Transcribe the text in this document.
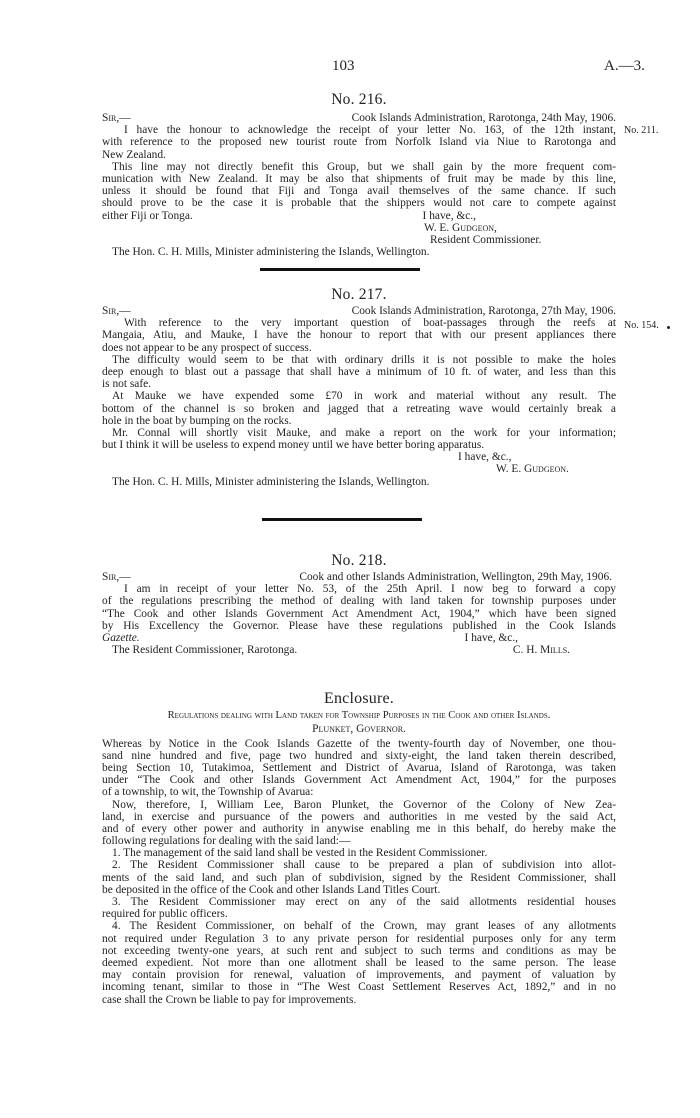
103	A.—3.
No. 216.
Sir,—	Cook Islands Administration, Rarotonga, 24th May, 1906.
I have the honour to acknowledge the receipt of your letter No. 163, of the 12th instant,
with reference to the proposed new tourist route from Norfolk Island via Niue to Rarotonga and
New Zealand.
This line may not directly benefit this Group, but we shall gain by the more frequent com-
munication with New Zealand. It may be also that shipments of fruit may be made by this line,
unless it should be found that Fiji and Tonga avail themselves of the same chance. If such
should prove to be the case it is probable that the shippers would not care to compete against
either Fiji or Tonga.	I have, &c.,
W. E. Gudgeon,
Resident Commissioner.
The Hon. C. H. Mills, Minister administering the Islands, Wellington.
No. 211.
No. 217.
Sir,—	Cook Islands Administration, Rarotonga, 27th May, 1906.
With reference to the very important question of boat-passages through the reefs at
Mangaia, Atiu, and Mauke, I have the honour to report that with our present appliances there
does not appear to be any prospect of success.
The difficulty would seem to be that with ordinary drills it is not possible to make the holes
deep enough to blast out a passage that shall have a minimum of 10 ft. of water, and less than this
is not safe.
At Mauke we have expended some £70 in work and material without any result. The
bottom of the channel is so broken and jagged that a retreating wave would certainly break a
hole in the boat by bumping on the rocks.
Mr. Connal will shortly visit Mauke, and make a report on the work for your information;
but I think it will be useless to expend money until we have better boring apparatus.
I have, &c.,
W. E. Gudgeon.
The Hon. C. H. Mills, Minister administering the Islands, Wellington.
No. 154.
No. 218.
Sir,—	Cook and other Islands Administration, Wellington, 29th May, 1906.
I am in receipt of your letter No. 53, of the 25th April. I now beg to forward a copy
of the regulations prescribing the method of dealing with land taken for township purposes under
“The Cook and other Islands Government Act Amendment Act, 1904,” which have been signed
by His Excellency the Governor. Please have these regulations published in the Cook Islands
Gazette.	I have, &c.,
The Resident Commissioner, Rarotonga.	C. H. Mills.
Enclosure.
Regulations dealing with Land taken for Township Purposes in the Cook and other Islands.
Plunket, Governor.
Whereas by Notice in the Cook Islands Gazette of the twenty-fourth day of November, one thou-
sand nine hundred and five, page two hundred and sixty-eight, the land taken therein described,
being Section 10, Tutakimoa, Settlement and District of Avarua, Island of Rarotonga, was taken
under “The Cook and other Islands Government Act Amendment Act, 1904,” for the purposes
of a township, to wit, the Township of Avarua:
Now, therefore, I, William Lee, Baron Plunket, the Governor of the Colony of New Zea-
land, in exercise and pursuance of the powers and authorities in me vested by the said Act,
and of every other power and authority in anywise enabling me in this behalf, do hereby make the
following regulations for dealing with the said land:—
1. The management of the said land shall be vested in the Resident Commissioner.
2. The Resident Commissioner shall cause to be prepared a plan of subdivision into allot-
ments of the said land, and such plan of subdivision, signed by the Resident Commissioner, shall
be deposited in the office of the Cook and other Islands Land Titles Court.
3. The Resident Commissioner may erect on any of the said allotments residential houses
required for public officers.
4. The Resident Commissioner, on behalf of the Crown, may grant leases of any allotments
not required under Regulation 3 to any private person for residential purposes only for any term
not exceeding twenty-one years, at such rent and subject to such terms and conditions as may be
deemed expedient. Not more than one allotment shall be leased to the same person. The lease
may contain provision for renewal, valuation of improvements, and payment of valuation by
incoming tenant, similar to those in “The West Coast Settlement Reserves Act, 1892,” and in no
case shall the Crown be liable to pay for improvements.
